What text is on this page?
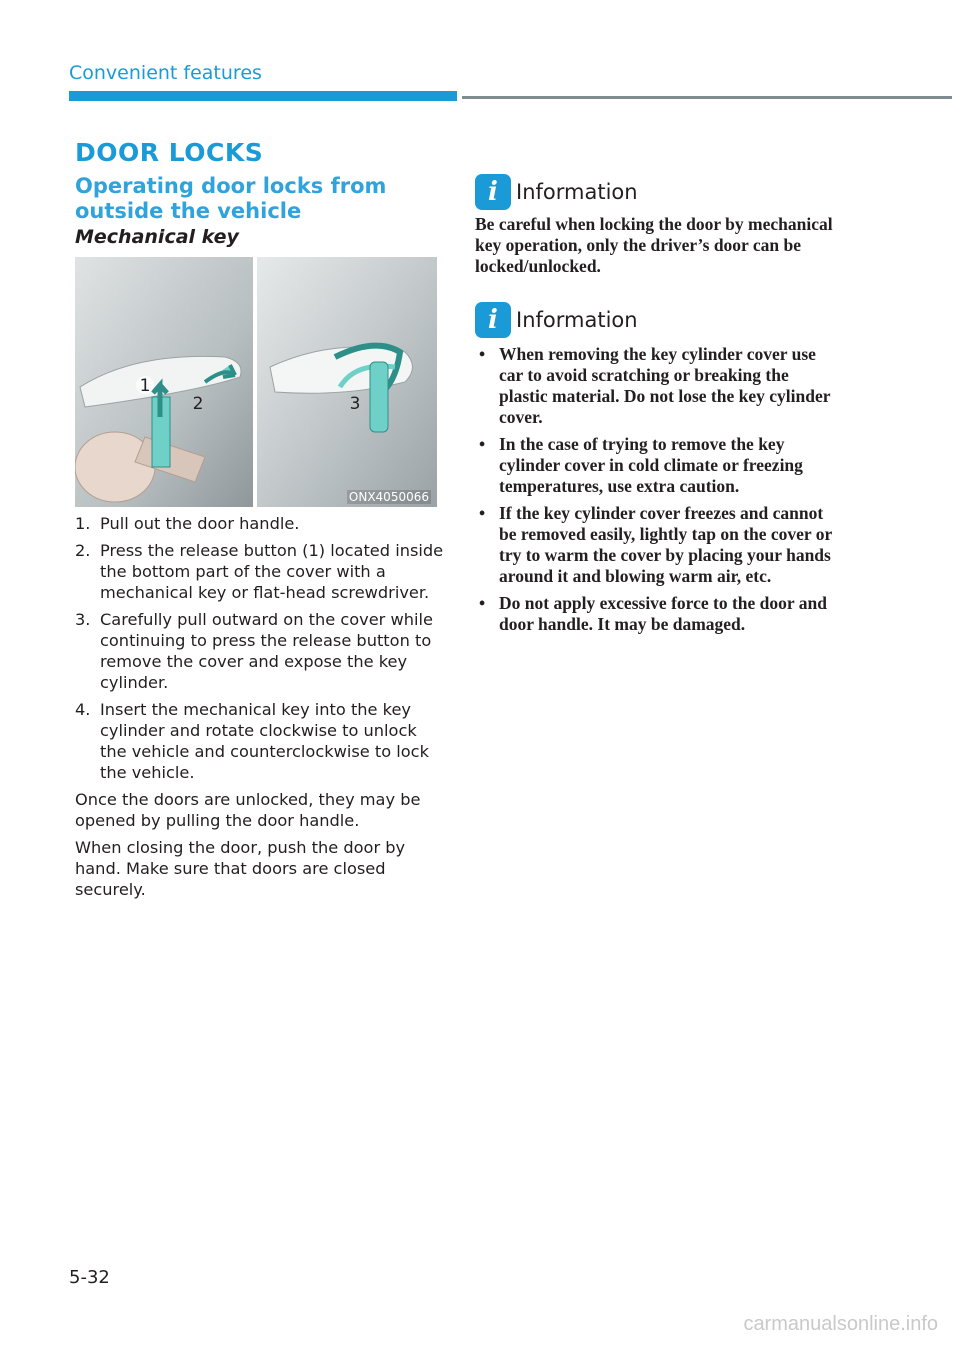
Convenient features
DOOR LOCKS
Operating door locks from outside the vehicle
Mechanical key
1
2	3
ONX4050066
1. Pull out the door handle.
2. Press the release button (1) located inside the bottom part of the cover with a mechanical key or flat-head screwdriver.
3. Carefully pull outward on the cover while continuing to press the release button to remove the cover and expose the key cylinder.
4. Insert the mechanical key into the key cylinder and rotate clockwise to unlock the vehicle and counterclockwise to lock the vehicle.

Once the doors are unlocked, they may be opened by pulling the door handle.

When closing the door, push the door by hand. Make sure that doors are closed securely.

i Information
Be careful when locking the door by mechanical key operation, only the driver’s door can be locked/unlocked.
i Information
• When removing the key cylinder cover use car to avoid scratching or breaking the plastic material. Do not lose the key cylinder cover.
• In the case of trying to remove the key cylinder cover in cold climate or freezing temperatures, use extra caution.
• If the key cylinder cover freezes and cannot be removed easily, lightly tap on the cover or try to warm the cover by placing your hands around it and blowing warm air, etc.
• Do not apply excessive force to the door and door handle. It may be damaged.
5-32
carmanualsonline.info
